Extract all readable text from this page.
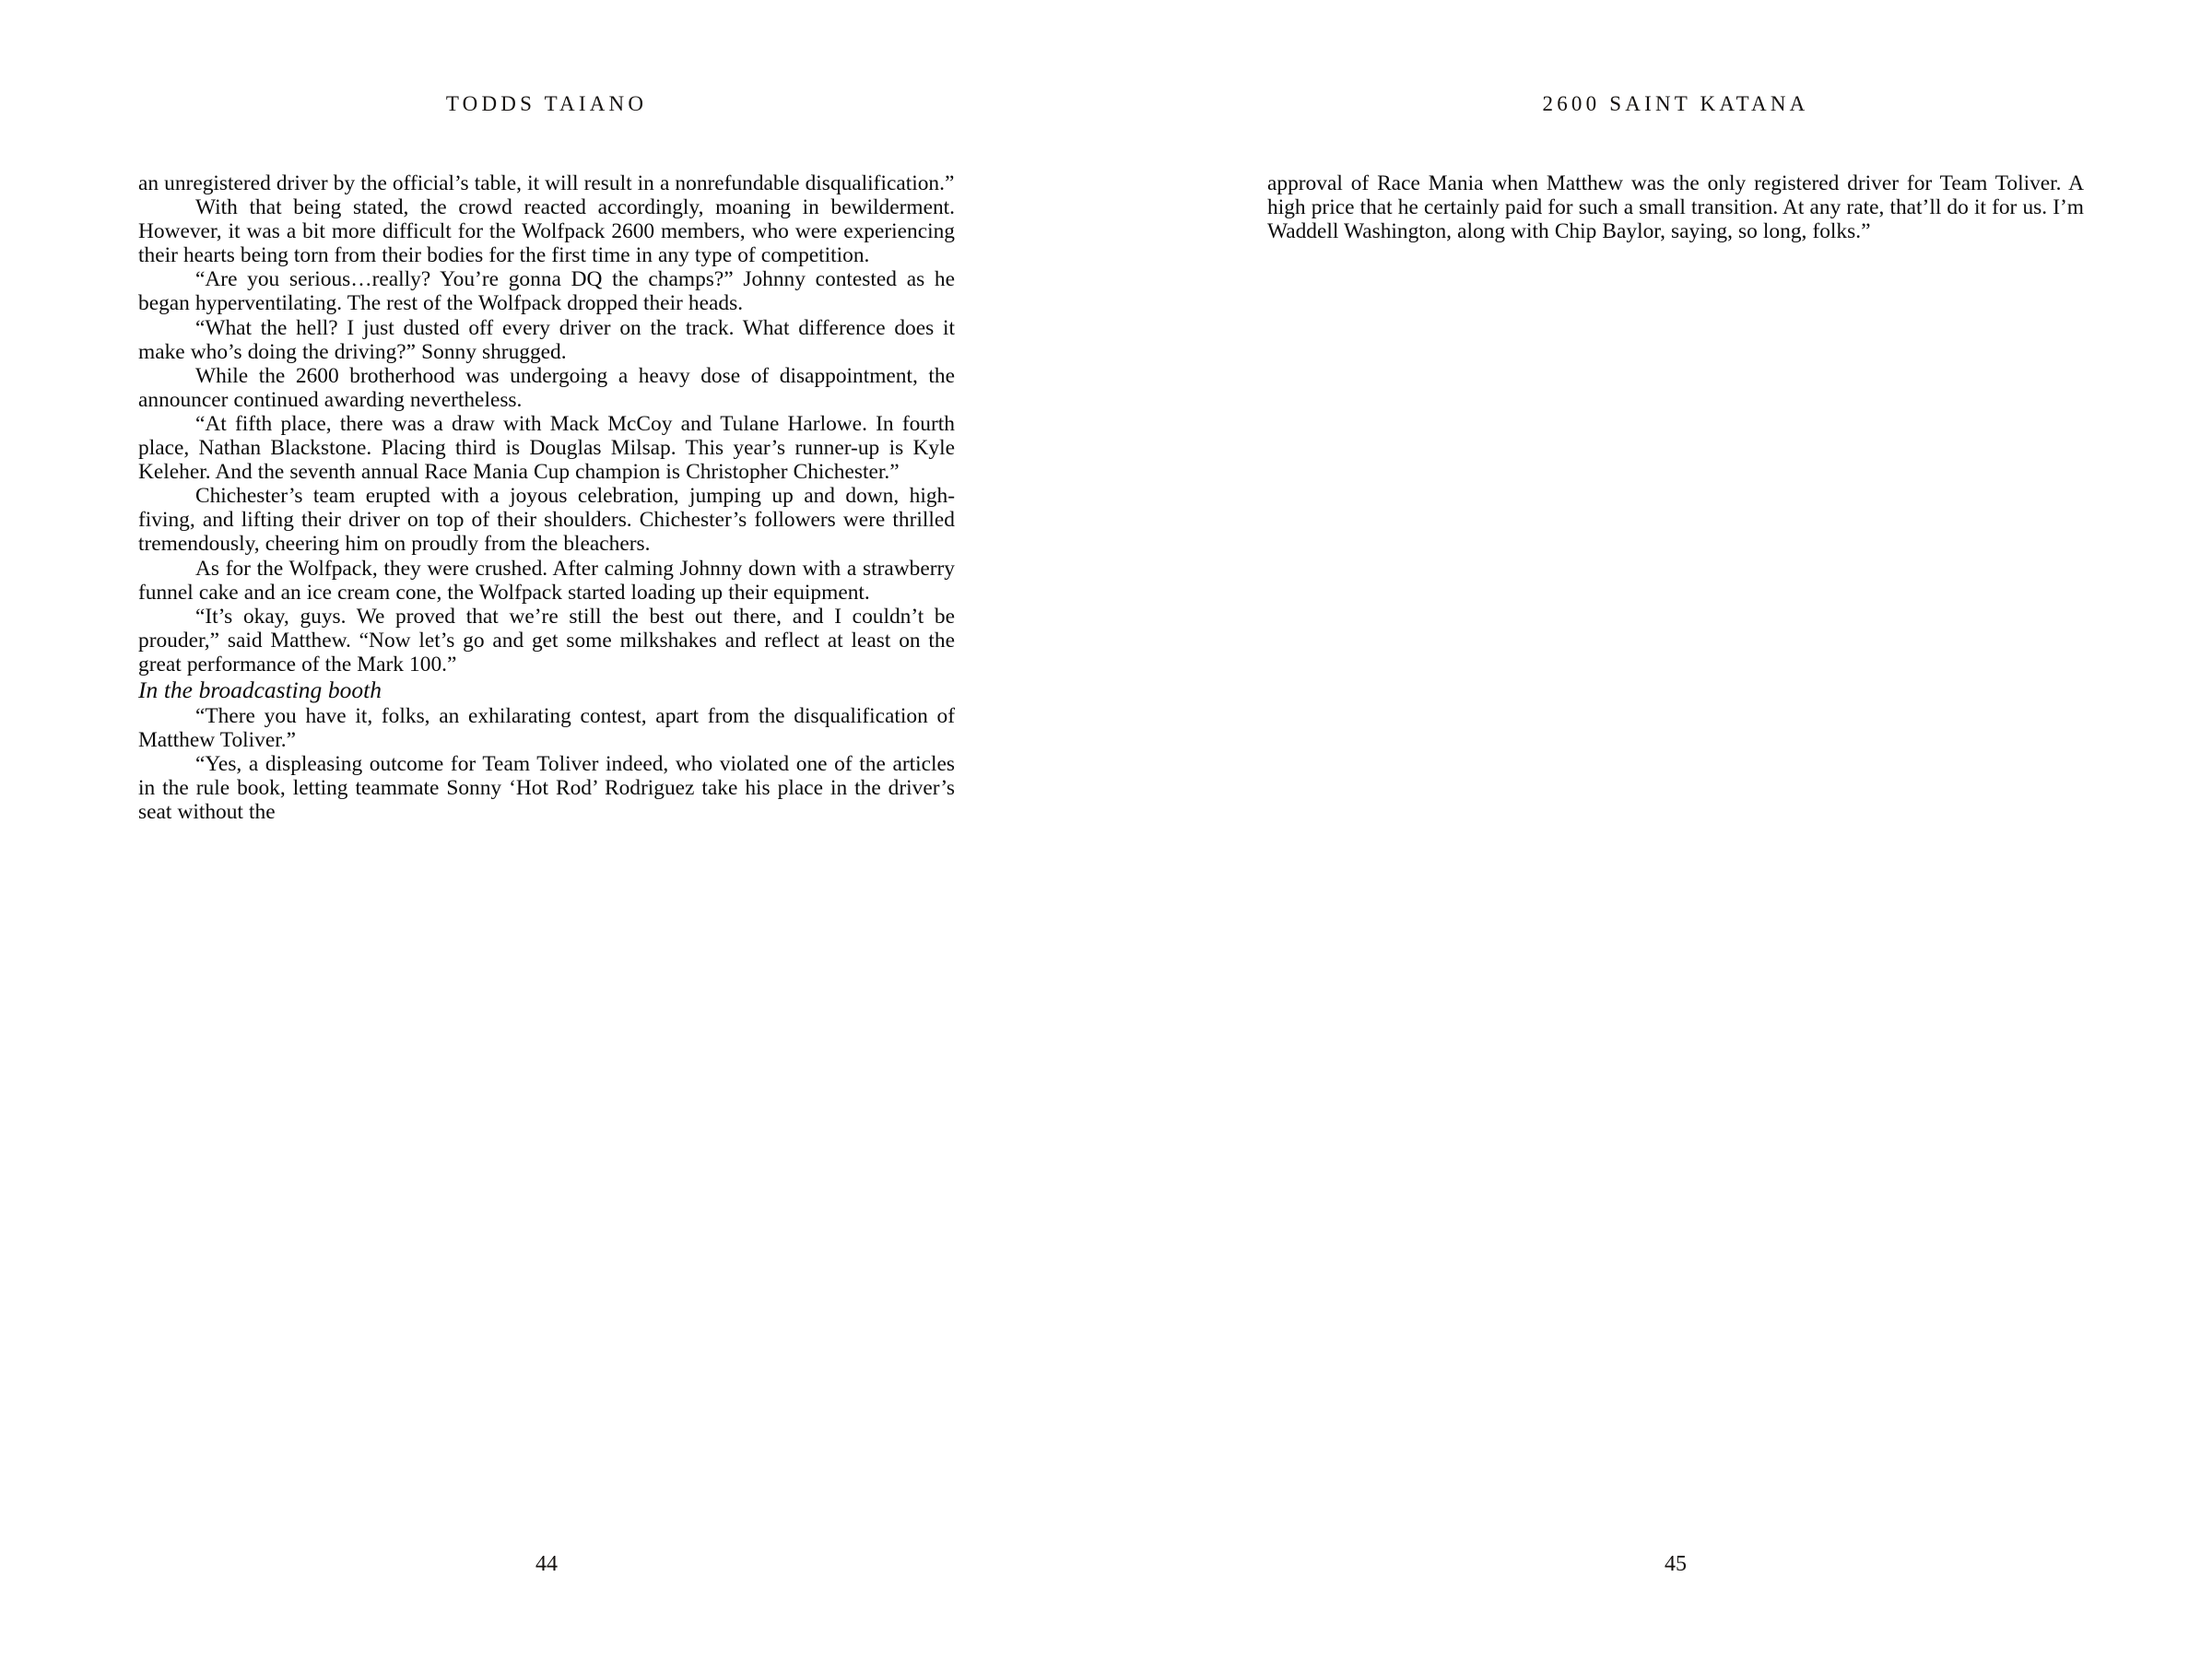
TODDS TAIANO

an unregistered driver by the official’s table, it will result in a nonrefundable disqualification.”

With that being stated, the crowd reacted accordingly, moaning in bewilderment. However, it was a bit more difficult for the Wolfpack 2600 members, who were experiencing their hearts being torn from their bodies for the first time in any type of competition.

“Are you serious…really? You’re gonna DQ the champs?” Johnny contested as he began hyperventilating. The rest of the Wolfpack dropped their heads.

“What the hell? I just dusted off every driver on the track. What difference does it make who’s doing the driving?” Sonny shrugged.

While the 2600 brotherhood was undergoing a heavy dose of disappointment, the announcer continued awarding nevertheless.

“At fifth place, there was a draw with Mack McCoy and Tulane Harlowe. In fourth place, Nathan Blackstone. Placing third is Douglas Milsap. This year’s runner-up is Kyle Keleher. And the seventh annual Race Mania Cup champion is Christopher Chichester.”

Chichester’s team erupted with a joyous celebration, jumping up and down, high-fiving, and lifting their driver on top of their shoulders. Chichester’s followers were thrilled tremendously, cheering him on proudly from the bleachers.

As for the Wolfpack, they were crushed. After calming Johnny down with a strawberry funnel cake and an ice cream cone, the Wolfpack started loading up their equipment.

“It’s okay, guys. We proved that we’re still the best out there, and I couldn’t be prouder,” said Matthew. “Now let’s go and get some milkshakes and reflect at least on the great performance of the Mark 100.”

In the broadcasting booth

“There you have it, folks, an exhilarating contest, apart from the disqualification of Matthew Toliver.”

“Yes, a displeasing outcome for Team Toliver indeed, who violated one of the articles in the rule book, letting teammate Sonny ‘Hot Rod’ Rodriguez take his place in the driver’s seat without the

44
2600 SAINT KATANA

approval of Race Mania when Matthew was the only registered driver for Team Toliver. A high price that he certainly paid for such a small transition. At any rate, that’ll do it for us. I’m Waddell Washington, along with Chip Baylor, saying, so long, folks.”

45
